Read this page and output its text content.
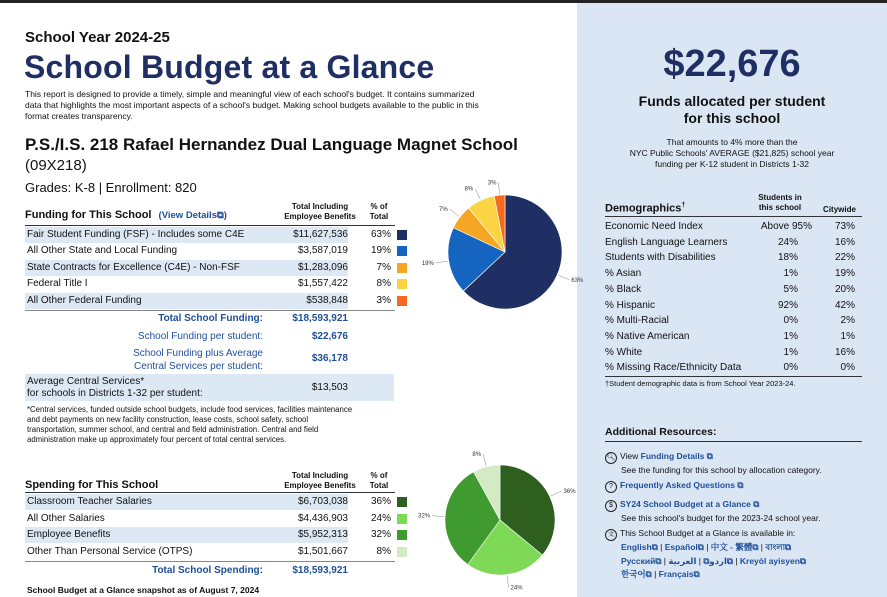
School Year 2024-25
School Budget at a Glance
This report is designed to provide a timely, simple and meaningful view of each school's budget. It contains summarized
data that highlights the most important aspects of a school's budget. Making school budgets available to the public in this
format creates transparency.
P.S./I.S. 218 Rafael Hernandez Dual Language Magnet School
(09X218)
Grades: K-8 | Enrollment: 820
Funding for This School (View Details⧉)
Total Including
Employee Benefits
% of
Total
Fair Student Funding (FSF) - Includes some C4E	$11,627,536	63%
All Other State and Local Funding	$3,587,019	19%
State Contracts for Excellence (C4E) - Non-FSF	$1,283,096	7%
Federal Title I	$1,557,422	8%
All Other Federal Funding	$538,848	3%
Total School Funding:	$18,593,921
School Funding per student:	$22,676
School Funding plus Average
Central Services per student:
$36,178
Average Central Services*
for schools in Districts 1-32 per student:
$13,503
*Central services, funded outside school budgets, include food services, facilities maintenance
and debt payments on new facility construction, lease costs, school safety, school
transportation, summer school, and central and field administration. Central and field
administration make up approximately four percent of total central services.
Spending for This School
Total Including
Employee Benefits
% of
Total
Classroom Teacher Salaries	$6,703,038	36%
All Other Salaries	$4,436,903	24%
Employee Benefits	$5,952,313	32%
Other Than Personal Service (OTPS)	$1,501,667	8%
Total School Spending:	$18,593,921
School Budget at a Glance snapshot as of August 7, 2024
63%
19%
7%
8%
3%
36%
24%
32%
8%
$22,676
Funds allocated per student
for this school
That amounts to 4% more than the
NYC Public Schools' AVERAGE ($21,825) school year
funding per K-12 student in Districts 1-32
Demographics†
Students in
this school	Citywide
Economic Need Index	Above 95% 73%
English Language Learners	24%	16%
Students with Disabilities	18%	22%
% Asian	1%	19%
% Black	5%	20%
% Hispanic	92%	42%
% Multi-Racial	0%	2%
% Native American	1%	1%
% White	1%	16%
% Missing Race/Ethnicity Data	0%	0%
†Student demographic data is from School Year 2023-24.
Additional Resources:
🔍︎ View Funding Details ⧉
See the funding for this school by allocation category.
? Frequently Asked Questions ⧉
$ SY24 School Budget at a Glance ⧉
See this school's budget for the 2023-24 school year.
文 This School Budget at a Glance is available in:
English⧉ | Español⧉ | 中文 - 繁體⧉ | বাংলা⧉
Русский⧉ |	اردو⧉ | العربية	⧉ | Kreyòl ayisyen⧉
한국어⧉ | Français⧉
